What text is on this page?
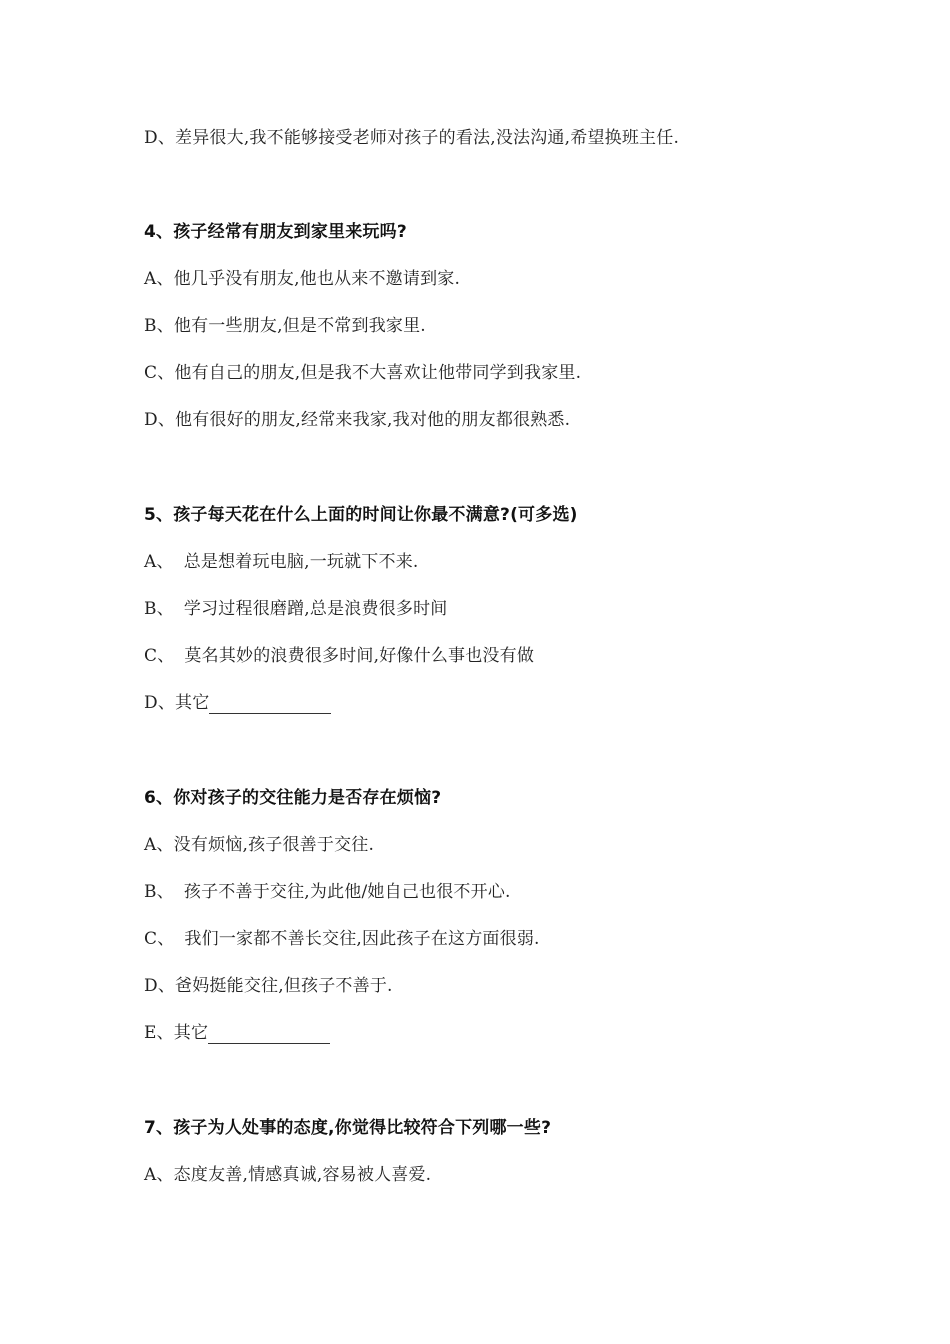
D、差异很大,我不能够接受老师对孩子的看法,没法沟通,希望换班主任.
4、孩子经常有朋友到家里来玩吗?
A、他几乎没有朋友,他也从来不邀请到家.
B、他有一些朋友,但是不常到我家里.
C、他有自己的朋友,但是我不大喜欢让他带同学到我家里.
D、他有很好的朋友,经常来我家,我对他的朋友都很熟悉.
5、孩子每天花在什么上面的时间让你最不满意?(可多选)
A、 总是想着玩电脑,一玩就下不来.
B、 学习过程很磨蹭,总是浪费很多时间
C、 莫名其妙的浪费很多时间,好像什么事也没有做
D、其它
6、你对孩子的交往能力是否存在烦恼?
A、没有烦恼,孩子很善于交往.
B、 孩子不善于交往,为此他/她自己也很不开心.
C、 我们一家都不善长交往,因此孩子在这方面很弱.
D、爸妈挺能交往,但孩子不善于.
E、其它
7、孩子为人处事的态度,你觉得比较符合下列哪一些?
A、态度友善,情感真诚,容易被人喜爱.
